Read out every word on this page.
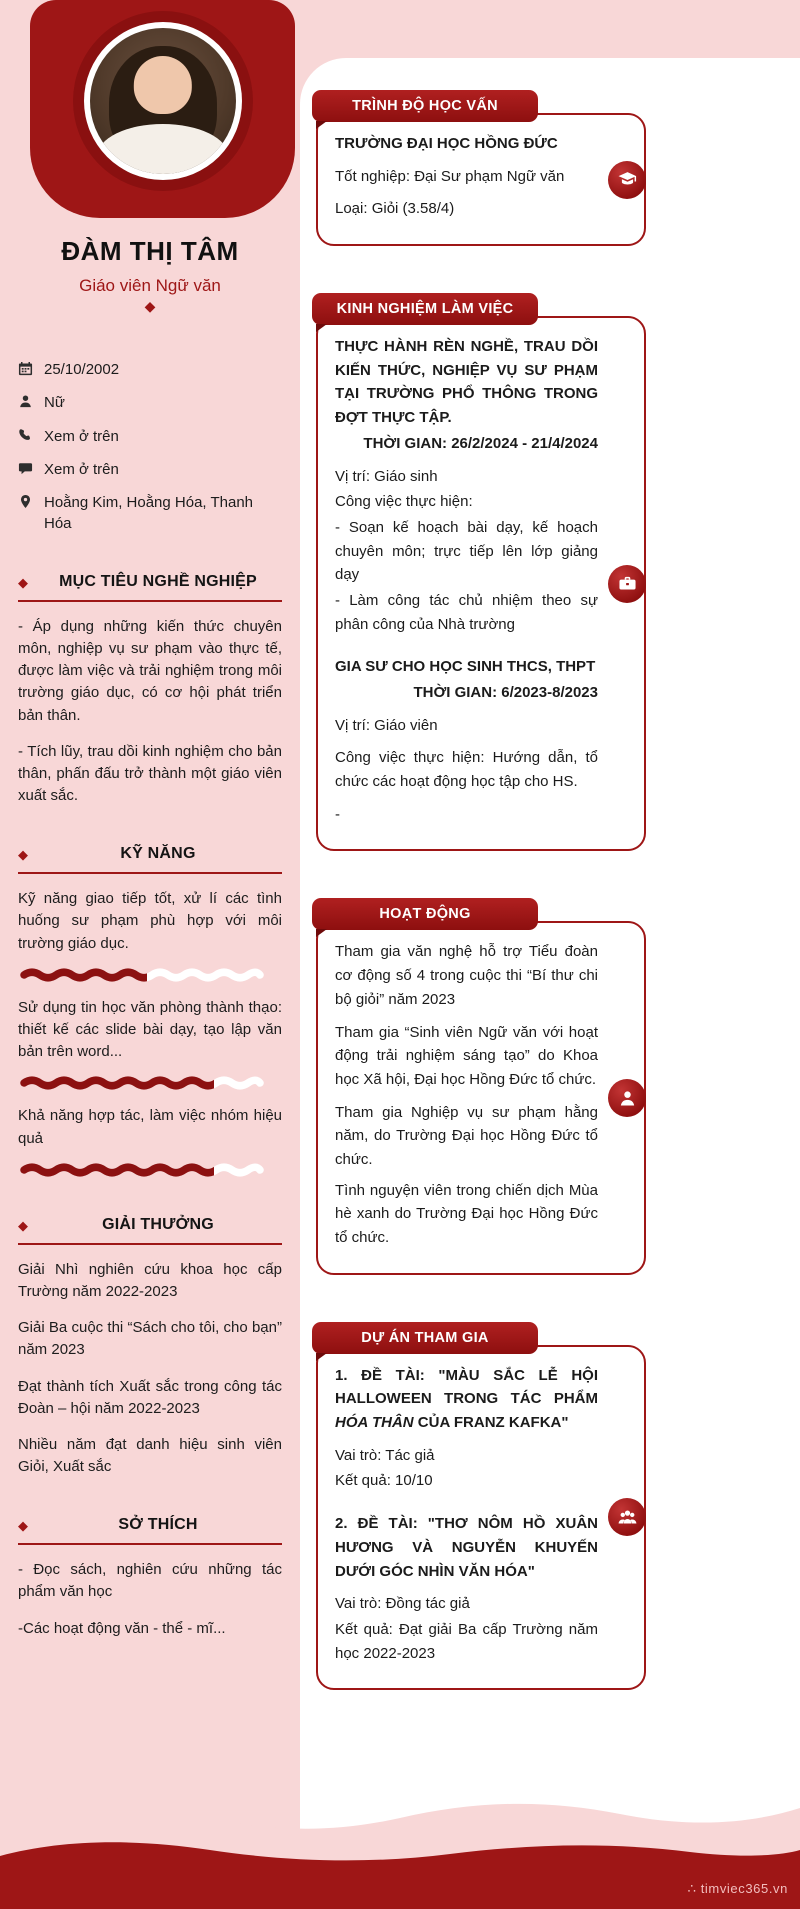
ĐÀM THỊ TÂM
Giáo viên Ngữ văn
◆
25/10/2002
Nữ
Xem ở trên
Xem ở trên
Hoằng Kim, Hoằng Hóa, Thanh Hóa
◆
MỤC TIÊU NGHỀ NGHIỆP

- Áp dụng những kiến thức chuyên môn, nghiệp vụ sư phạm vào thực tế, được làm việc và trải nghiệm trong môi trường giáo dục, có cơ hội phát triển bản thân.

- Tích lũy, trau dồi kinh nghiệm cho bản thân, phấn đấu trở thành một giáo viên xuất sắc.

◆
KỸ NĂNG

Kỹ năng giao tiếp tốt, xử lí các tình huống sư phạm phù hợp với môi trường giáo dục.

Sử dụng tin học văn phòng thành thạo: thiết kế các slide bài dạy, tạo lập văn bản trên word...

Khả năng hợp tác, làm việc nhóm hiệu quả

◆
GIẢI THƯỞNG

Giải Nhì nghiên cứu khoa học cấp Trường năm 2022-2023

Giải Ba cuộc thi “Sách cho tôi, cho bạn” năm 2023

Đạt thành tích Xuất sắc trong công tác Đoàn – hội năm 2022-2023

Nhiều năm đạt danh hiệu sinh viên Giỏi, Xuất sắc

◆
SỞ THÍCH

- Đọc sách, nghiên cứu những tác phẩm văn học

-Các hoạt động văn - thể - mĩ...

TRÌNH ĐỘ HỌC VẤN

TRƯỜNG ĐẠI HỌC HỒNG ĐỨC

Tốt nghiệp: Đại Sư phạm Ngữ văn

Loại: Giỏi (3.58/4)

KINH NGHIỆM LÀM VIỆC

THỰC HÀNH RÈN NGHỀ, TRAU DỒI KIẾN THỨC, NGHIỆP VỤ SƯ PHẠM TẠI TRƯỜNG PHỔ THÔNG TRONG ĐỢT THỰC TẬP.

THỜI GIAN: 26/2/2024 - 21/4/2024

Vị trí: Giáo sinh

Công việc thực hiện:

- Soạn kế hoạch bài dạy, kế hoạch chuyên môn; trực tiếp lên lớp giảng dạy

- Làm công tác chủ nhiệm theo sự phân công của Nhà trường

GIA SƯ CHO HỌC SINH THCS, THPT

THỜI GIAN: 6/2023-8/2023

Vị trí: Giáo viên

Công việc thực hiện: Hướng dẫn, tổ chức các hoạt động học tập cho HS.

-

HOẠT ĐỘNG

Tham gia văn nghệ hỗ trợ Tiểu đoàn cơ động số 4 trong cuộc thi “Bí thư chi bộ giỏi” năm 2023

Tham gia “Sinh viên Ngữ văn với hoạt động trải nghiệm sáng tạo” do Khoa học Xã hội, Đại học Hồng Đức tổ chức.

Tham gia Nghiệp vụ sư phạm hằng năm, do Trường Đại học Hồng Đức tổ chức.

Tình nguyện viên trong chiến dịch Mùa hè xanh do Trường Đại học Hồng Đức tổ chức.

DỰ ÁN THAM GIA

1. ĐỀ TÀI: "MÀU SẮC LỄ HỘI HALLOWEEN TRONG TÁC PHẨM HÓA THÂN CỦA FRANZ KAFKA"

Vai trò: Tác giả

Kết quả: 10/10

2. ĐỀ TÀI: "THƠ NÔM HỒ XUÂN HƯƠNG VÀ NGUYỄN KHUYẾN DƯỚI GÓC NHÌN VĂN HÓA"

Vai trò: Đồng tác giả

Kết quả: Đạt giải Ba cấp Trường năm học 2022-2023

∴ timviec365.vn
